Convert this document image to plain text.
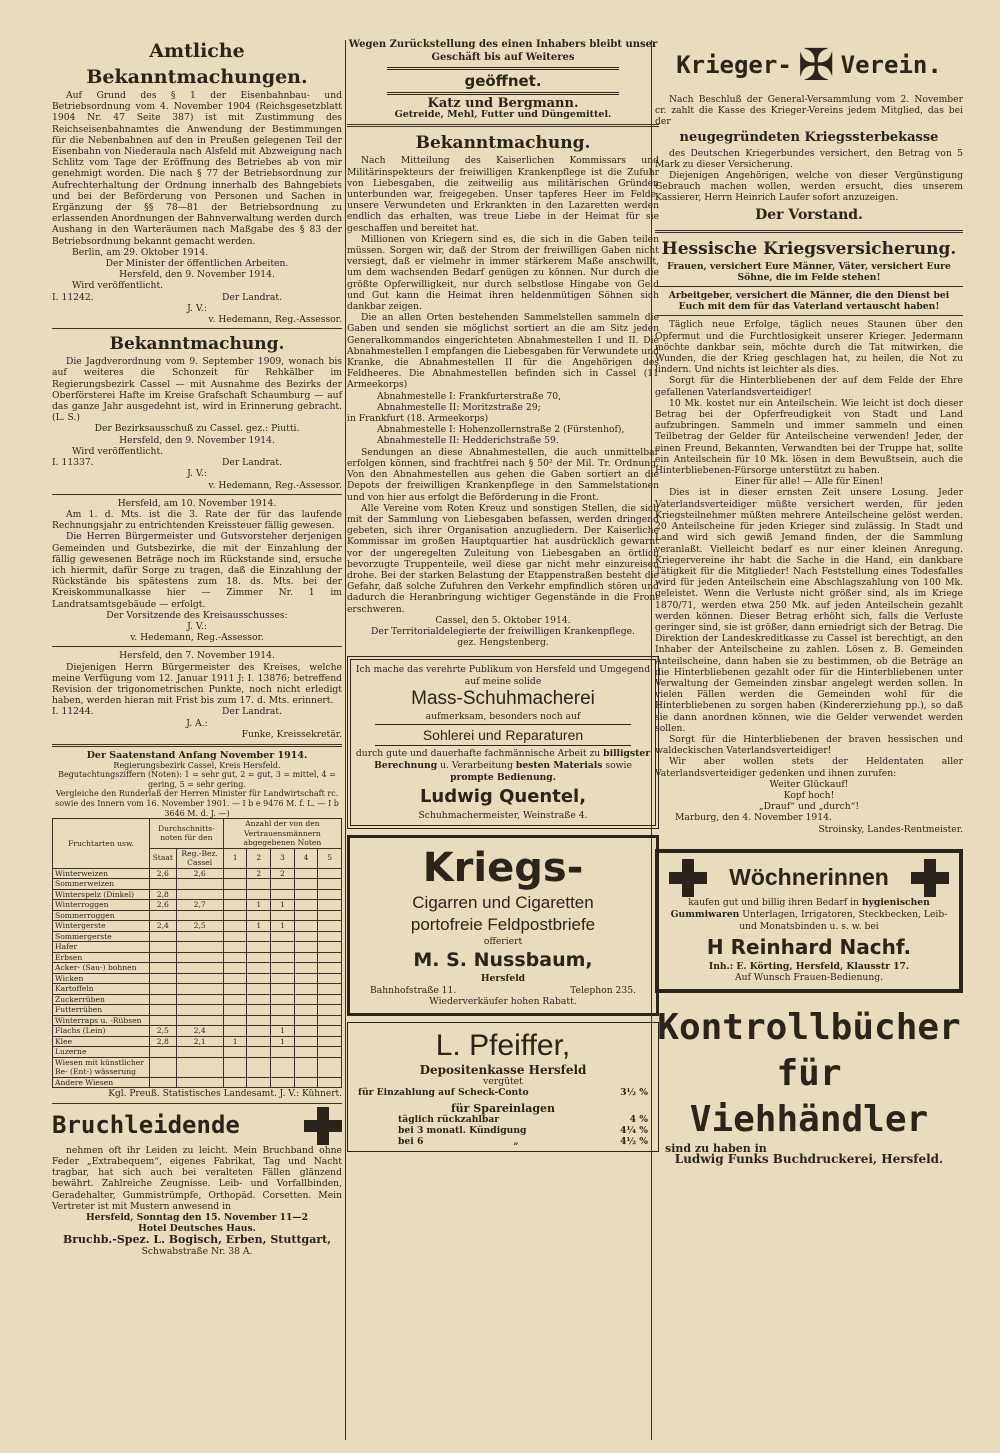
Amtliche Bekanntmachungen.

Auf Grund des § 1 der Eisenbahnbau- und Betriebsordnung vom 4. November 1904 (Reichsgesetzblatt 1904 Nr. 47 Seite 387) ist mit Zustimmung des Reichseisenbahnamtes die Anwendung der Bestimmungen für die Nebenbahnen auf den in Preußen gelegenen Teil der Eisenbahn von Niederaula nach Alsfeld mit Abzweigung nach Schlitz vom Tage der Eröffnung des Betriebes ab von mir genehmigt worden. Die nach § 77 der Betriebsordnung zur Aufrechterhaltung der Ordnung innerhalb des Bahngebiets und bei der Beförderung von Personen und Sachen in Ergänzung der §§ 78—81 der Betriebsordnung zu erlassenden Anordnungen der Bahnverwaltung werden durch Aushang in den Warteräumen nach Maßgabe des § 83 der Betriebsordnung bekannt gemacht werden.

Berlin, am 29. Oktober 1914.
Der Minister der öffentlichen Arbeiten.
Hersfeld, den 9. November 1914.
Wird veröffentlicht.
I. 11242.	Der Landrat.
J. V.:
v. Hedemann, Reg.-Assessor.
Bekanntmachung.

Die Jagdverordnung vom 9. September 1909, wonach bis auf weiteres die Schonzeit für Rehkälber im Regierungsbezirk Cassel — mit Ausnahme des Bezirks der Oberförsterei Hafte im Kreise Grafschaft Schaumburg — auf das ganze Jahr ausgedehnt ist, wird in Erinnerung gebracht. (L. S.)

Der Bezirksausschuß zu Cassel. gez.: Piutti.
Hersfeld, den 9. November 1914.
Wird veröffentlicht.
I. 11337.	Der Landrat.
J. V.:
v. Hedemann, Reg.-Assessor.
Hersfeld, am 10. November 1914.

Am 1. d. Mts. ist die 3. Rate der für das laufende Rechnungsjahr zu entrichtenden Kreissteuer fällig gewesen.

Die Herren Bürgermeister und Gutsvorsteher derjenigen Gemeinden und Gutsbezirke, die mit der Einzahlung der fällig gewesenen Beträge noch im Rückstande sind, ersuche ich hiermit, dafür Sorge zu tragen, daß die Einzahlung der Rückstände bis spätestens zum 18. ds. Mts. bei der Kreiskommunalkasse hier — Zimmer Nr. 1 im Landratsamtsgebäude — erfolgt.

Der Vorsitzende des Kreisausschusses:
J. V.:
v. Hedemann, Reg.-Assessor.
Hersfeld, den 7. November 1914.

Diejenigen Herrn Bürgermeister des Kreises, welche meine Verfügung vom 12. Januar 1911 J: I. 13876; betreffend Revision der trigonometrischen Punkte, noch nicht erledigt haben, werden hieran mit Frist bis zum 17. d. Mts. erinnert.

I. 11244.	Der Landrat.
J. A.:
Funke, Kreissekretär.
Der Saatenstand Anfang November 1914.
Regierungsbezirk Cassel, Kreis Hersfeld.
Begutachtungsziffern (Noten): 1 = sehr gut, 2 = gut, 3 = mittel, 4 = gering, 5 = sehr gering.
Vergleiche den Runderlaß der Herren Minister für Landwirtschaft rc. sowie des Innern vom 16. November 1901. — I b e 9476 M. f. L. — I b 3646 M. d. J. —)
Fruchtarten usw.	Durchschnitts-noten für den		Anzahl der von den Vertrauensmännern abgegebenen Noten				
	Staat	Reg.-Bez. Cassel	1	2	3	4	5
Winterweizen	2,6	2,6		2	2		
Sommerweizen							
Winterspelz (Dinkel)	2,8						
Winterroggen	2,6	2,7		1	1		
Sommerroggen							
Wintergerste	2,4	2,5		1	1		
Sommergerste							
Hafer							
Erbsen							
Acker- (Sau-) bohnen							
Wicken							
Kartoffeln							
Zuckerrüben							
Futterrüben							
Winterraps u. -Rübsen							
Flachs (Lein)	2,5	2,4			1		
Klee	2,8	2,1	1		1		
Luzerne							
Wiesen mit künstlicher Be- (Ent-) wässerung							
Andere Wiesen							
Kgl. Preuß. Statistisches Landesamt. J. V.: Kühnert.
Bruchleidende

nehmen oft ihr Leiden zu leicht. Mein Bruchband ohne Feder „Extrabequem“, eigenes Fabrikat, Tag und Nacht tragbar, hat sich auch bei veralteten Fällen glänzend bewährt. Zahlreiche Zeugnisse. Leib- und Vorfallbinden, Geradehalter, Gummistrümpfe, Orthopäd. Corsetten. Mein Vertreter ist mit Mustern anwesend in

Hersfeld, Sonntag den 15. November 11—2
Hotel Deutsches Haus.
Bruchb.-Spez. L. Bogisch, Erben, Stuttgart,
Schwabstraße Nr. 38 A.
Wegen Zurückstellung des einen Inhabers bleibt unser Geschäft bis auf Weiteres
geöffnet.
Katz und Bergmann.
Getreide, Mehl, Futter und Düngemittel.
Bekanntmachung.

Nach Mitteilung des Kaiserlichen Kommissars und Militärinspekteurs der freiwilligen Krankenpflege ist die Zufuhr von Liebesgaben, die zeitweilig aus militärischen Gründen unterbunden war, freigegeben. Unser tapferes Heer im Felde, unsere Verwundeten und Erkrankten in den Lazaretten werden endlich das erhalten, was treue Liebe in der Heimat für sie geschaffen und bereitet hat.

Millionen von Kriegern sind es, die sich in die Gaben teilen müssen. Sorgen wir, daß der Strom der freiwilligen Gaben nicht versiegt, daß er vielmehr in immer stärkerem Maße anschwillt, um dem wachsenden Bedarf genügen zu können. Nur durch die größte Opferwilligkeit, nur durch selbstlose Hingabe von Geld und Gut kann die Heimat ihren heldenmütigen Söhnen sich dankbar zeigen.

Die an allen Orten bestehenden Sammelstellen sammeln die Gaben und senden sie möglichst sortiert an die am Sitz jeden Generalkommandos eingerichteten Abnahmestellen I und II. Die Abnahmestellen I empfangen die Liebesgaben für Verwundete und Kranke, die Abnahmestellen II für die Angehörigen des Feldheeres. Die Abnahmestellen befinden sich in Cassel (11 Armeekorps)

Abnahmestelle I: Frankfurterstraße 70,
Abnahmestelle II: Moritzstraße 29;
in Frankfurt (18. Armeekorps)
Abnahmestelle I: Hohenzollernstraße 2 (Fürstenhof),
Abnahmestelle II: Hedderichstraße 59.

Sendungen an diese Abnahmestellen, die auch unmittelbar erfolgen können, sind frachtfrei nach § 50² der Mil. Tr. Ordnung. Von den Abnahmestellen aus gehen die Gaben sortiert an die Depots der freiwilligen Krankenpflege in den Sammelstationen und von hier aus erfolgt die Beförderung in die Front.

Alle Vereine vom Roten Kreuz und sonstigen Stellen, die sich mit der Sammlung von Liebesgaben befassen, werden dringend gebeten, sich ihrer Organisation anzugliedern. Der Kaiserliche Kommissar im großen Hauptquartier hat ausdrücklich gewarnt vor der ungeregelten Zuleitung von Liebesgaben an örtlich bevorzugte Truppenteile, weil diese gar nicht mehr einzureisen drohe. Bei der starken Belastung der Etappenstraßen besteht die Gefahr, daß solche Zufuhren den Verkehr empfindlich stören und dadurch die Heranbringung wichtiger Gegenstände in die Front erschweren.

Cassel, den 5. Oktober 1914.
Der Territorialdelegierte der freiwilligen Krankenpflege.
gez. Hengstenberg.
Ich mache das verehrte Publikum von Hersfeld und Umgegend auf meine solide
Mass-Schuhmacherei
aufmerksam, besonders noch auf
Sohlerei und Reparaturen
durch gute und dauerhafte fachmännische Arbeit zu billigster Berechnung u. Verarbeitung besten Materials sowie prompte Bedienung.
Ludwig Quentel,
Schuhmachermeister, Weinstraße 4.
Kriegs-
Cigarren und Cigaretten
portofreie Feldpostbriefe
offeriert
M. S. Nussbaum,
Hersfeld
Bahnhofstraße 11.	Telephon 235.
Wiederverkäufer hohen Rabatt.
L. Pfeiffer,
Depositenkasse Hersfeld
vergütet
für Einzahlung auf Scheck-Conto	3½ %
für Spareinlagen
täglich rückzahlbar	4 %
bei 3 monatl. Kündigung	4¼ %
bei 6	„	4½ %
Krieger- ✠ Verein.

Nach Beschluß der General-Versammlung vom 2. November cr. zahlt die Kasse des Krieger-Vereins jedem Mitglied, das bei der

neugegründeten Kriegssterbekasse

des Deutschen Kriegerbundes versichert, den Betrag von 5 Mark zu dieser Versicherung.

Diejenigen Angehörigen, welche von dieser Vergünstigung Gebrauch machen wollen, werden ersucht, dies unserem Kassierer, Herrn Heinrich Laufer sofort anzuzeigen.

Der Vorstand.
Hessische Kriegsversicherung.
Frauen, versichert Eure Männer, Väter, versichert Eure Söhne, die im Felde stehen!
Arbeitgeber, versichert die Männer, die den Dienst bei Euch mit dem für das Vaterland vertauscht haben!

Täglich neue Erfolge, täglich neues Staunen über den Opfermut und die Furchtlosigkeit unserer Krieger. Jedermann möchte dankbar sein, möchte durch die Tat mitwirken, die Wunden, die der Krieg geschlagen hat, zu heilen, die Not zu lindern. Und nichts ist leichter als dies.

Sorgt für die Hinterbliebenen der auf dem Felde der Ehre gefallenen Vaterlandsverteidiger!

10 Mk. kostet nur ein Anteilschein. Wie leicht ist doch dieser Betrag bei der Opferfreudigkeit von Stadt und Land aufzubringen. Sammeln und immer sammeln und einen Teilbetrag der Gelder für Anteilscheine verwenden! Jeder, der einen Freund, Bekannten, Verwandten bei der Truppe hat, sollte ein Anteilschein für 10 Mk. lösen in dem Bewußtsein, auch die Hinterbliebenen-Fürsorge unterstützt zu haben.

Einer für alle! — Alle für Einen!

Dies ist in dieser ernsten Zeit unsere Losung. Jeder Vaterlandsverteidiger müßte versichert werden, für jeden Kriegsteilnehmer müßten mehrere Anteilscheine gelöst werden. 20 Anteilscheine für jeden Krieger sind zulässig. In Stadt und Land wird sich gewiß Jemand finden, der die Sammlung veranlaßt. Vielleicht bedarf es nur einer kleinen Anregung. Kriegervereine ihr habt die Sache in die Hand, ein dankbare Tätigkeit für die Mitglieder! Nach Feststellung eines Todesfalles wird für jeden Anteilschein eine Abschlagszahlung von 100 Mk. geleistet. Wenn die Verluste nicht größer sind, als im Kriege 1870/71, werden etwa 250 Mk. auf jeden Anteilschein gezahlt werden können. Dieser Betrag erhöht sich, falls die Verluste geringer sind, sie ist größer, dann erniedrigt sich der Betrag. Die Direktion der Landeskreditkasse zu Cassel ist berechtigt, an den Inhaber der Anteilscheine zu zahlen. Lösen z. B. Gemeinden Anteilscheine, dann haben sie zu bestimmen, ob die Beträge an die Hinterbliebenen gezahlt oder für die Hinterbliebenen unter Verwaltung der Gemeinden zinsbar angelegt werden sollen. In vielen Fällen werden die Gemeinden wohl für die Hinterbliebenen zu sorgen haben (Kindererziehung pp.), so daß sie dann anordnen können, wie die Gelder verwendet werden sollen.

Sorgt für die Hinterbliebenen der braven hessischen und waldeckischen Vaterlandsverteidiger!

Wir aber wollen stets der Heldentaten aller Vaterlandsverteidiger gedenken und ihnen zurufen:

Weiter Glückauf!
Kopf hoch!
„Drauf“ und „durch“!
Marburg, den 4. November 1914.
Stroinsky, Landes-Rentmeister.
Wöchnerinnen
kaufen gut und billig ihren Bedarf in hygienischen Gummiwaren Unterlagen, Irrigatoren, Steckbecken, Leib- und Monatsbinden u. s. w. bei
H Reinhard Nachf.
Inh.: E. Körting, Hersfeld, Klausstr 17.
Auf Wunsch Frauen-Bedienung.
Kontrollbücher
für Viehhändler
sind zu haben in
Ludwig Funks Buchdruckerei, Hersfeld.
